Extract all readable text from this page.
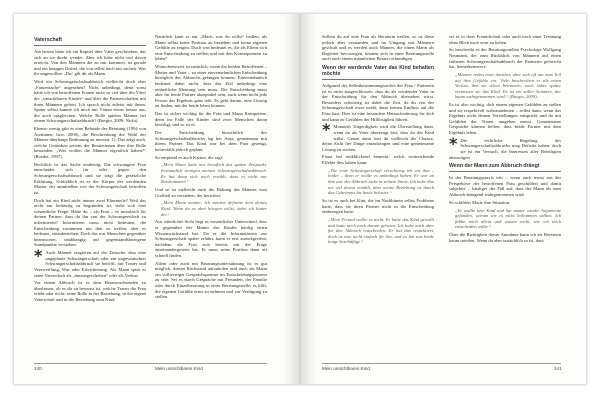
Vaterschaft

Am besten hätte ich ein Kapitel über Väter geschrieben, das sich an sie direkt wendet. Aber ich habe nicht viel davon erreicht. Von den Männern die zu mir kommen, ist gerade mal ein knappes Drittel, die von selbst nach mir suchen. Was ihr ungewolltes „Du“ gilt dir als Mann.

Wird ein Schwangerschaftsabbruch vielleicht doch eher „Frauensache“ angesehen? Nicht unbedingt, denn sonst hätte ich von betroffenen Frauen nicht so viel über die Väter der „unsichtbaren Kinder“ und über die Partnerschaften mit ihren Männern gehört. Ich sprach nicht zuletzt mit ihnen. Später selbst kannte ich mich mit Vätern etwas besser aus, die auch ausgleichen. Welche Rolle spielen Männer bei einem Schwangerschaftsabbruch? (Burgin, 2009: Nicht).

Ebenso wenig gibt es eine Befunde der Beratung (1994 von Ärztinnen, bzw. 2006), die Beschreibung der Wahl der Männer überhaupt Bedeutung zu messen: 1). Das zeigt auch, welche Gedanken seitens der Beraterinnen über ihre Rolle bestanden. „Was wollen die Männer eigentlich haben?“ (Roeder, 1997).

Rechtlich ist das Sache eindeutig: Die schwangere Frau entscheidet sich für oder gegen den Schwangerschaftsabbruch und sie trägt die gesetzliche Erklärung. Schließlich ist es der Körper der werdenden Mutter, der unmittelbar von der Schwangerschaft betroffen ist.

Doch hat ein Kind nicht immer zwei Elternteile? Weil das nicht nur beiläufig zu begründen ist, steht sich eine wesentliche Frage: Hätte du – als Frau – es moralisch für deinen Partner, dass du ihn von der Schwangerschaft zu informieren? Informieren muss nicht bedeuten, die Entscheidung zusammen mit ihm zu treffen, aber es bedeutet, einzubeziehen. Doch das war Menschen gegenüber beantwortet, unabhängig auf gegenstandsbezogene Standpunkte verstehen.

* Auch Männer reagieren auf die Tatsache, dass eine ungeplante Schwangerschaft oder ein ungewünschter Schwangerschaftsabbruch sie betrifft, mit Trauer und Verzweiflung, Wut oder Erleichterung. Als Mann spürt er seine Vaterschaft als „hinausgeschoben“ oder als Verlust.

Vor einem Abbruch ist es dem Heranwachsenden zu überlassen, ob es dir zu bewusst ist, welche Trauer die Frau erlebt oder nicht; seine Rolle in der Beziehung, in die eigene Vaterschaft und in die Beziehung zum Kind.

Natürlich kann es nur „Mach, was du willst“ heißen, als Mann selbst keine Position zu beziehen und keine eigenen Gefühle zu zeigen. Doch was bedeutet es, dir als Eltern sich eine Entscheidung zu treffen und mit den Konsequenzen zu leben?

Wünschenswert ist natürlich, wenn die beiden Betroffenen – Mutter und Vater – zu einer einvernehmlichen Entscheidung bezüglich des Abbruchs gelangen können. Einvernehmlich bedeutet dabei nicht, dass das Ziel unbedingt eine einheitliche Meinung sein muss. Die Entscheidung muss aber für beide Partner akzeptabel sein, auch wenn nicht jede Person das Ergebnis ganz teilt. Es geht darum, eine Lösung zu finden, mit der beide leben können.

Das ist sicher wichtig für die Frau und Mann Kompetenz, denn im Falle der Kinder sind zwei Menschen daran beteiligt, und so ist es.

Die Entscheidung hinsichtlich des Schwangerschaftsabbruchs lag bei Anja, gemeinsam mit ihrem Partner. Das Kind war bei dem Paar gezeugt, keinesfalls jedoch geplant.

So empfand es auch Karina, die sagt:

„Mein Mann hatte nur beruflich das späten Zeitpunkt. Erstaunlich wenigen meinen Schwangerschaftsabbruch. Er hat dann sich noch erzählt, dass es nicht nur Reinkommen!“

Und so ist vielleicht auch die Haltung des Mannes vom Großteil zu verstehen, der berichtet:

„Mein Mann meinte: Ich möchte definitiv kein drittes Kind. Wenn du es aber kriegen willst, stehe ich hinter dir.“

Aus väterlicher Sicht liegt es wesentlicher Unterschied, dass er gegenüber der Mutter des Kindes häufig einen Wissensrückstand hat. Da er die Informationen zur Schwangerschaft später erfährt, kann er erst zurückgreifen, nachdem die Frau sich bereits mit der Frage auseinandergesetzt hat. Er muss seine Position dann oft schnell finden.

Allein oder auch mit Beratungsunterstützung ist es gut möglich, diesen Rückstand aufzuholen und auch als Mann ein vollwertiger Gesprächspartner im Entscheidungsprozess zu sein. Sei es durch Gespräche mit Freunden, der Familie oder durch Einzelberatung in einer Beratungsstelle, es hilft, die eigenen Gefühle ernst zu nehmen und zur Verfügung zu stellen.

140	Mein unsichtbares Kind

Sollten du auf eine Frau als Beraterin treffen, so ist diese jedoch aber verstanden und im Umgang mit Männern geschult und es werden auch Männer, die einen Mann als Begleiter bevorzugen, können sich in einer Beratungsstelle auch nach einem männlichen Berater erkundigen.

Wenn der werdende Vater das Kind behalten möchte

Aufgrund der Selbstbestimmungsrechts der Frau / Partnerin ist es nicht ausgeschlossen, dass du als werdender Vater in der Entscheidung für den Abbruch übersehen wirst. Besonders schwierig ist dabei die Zeit, da du von der Schwangerschaft zwar weißt, dann keinen Einfluss auf die Frau hast. Dies ist eine besondere Herausforderung für dich und kann zu Gefühlen der Hilflosigkeit führen.

* Monatish Trägerdigkeit wird die Überstellung dann, wenn du als Vater überzeugt bist, dass du das Kind willst. Genau dann hast du vielleicht die Chance, deine Sicht der Dinge einzubringen und eine gemeinsame Lösung zu suchen.

Fiona hat rückblickend bemerkt, welch weitreichende Effekte dies haben kann:

„Die erste Schwangerschaft verschwieg ich vor ihm – leider – denn er wollte es unbedingt haben. Er war an ihm war der Abbruch nicht in seinem Sinne. Ich habe ihm nie viel davon erzählt, aber meine Beziehung ist durch das Geheimnis bis heute belastet.“

So ist es auch bei Kim, die im Nachhinein selbst Probleme hatte, dass sie ihren Partner nicht in die Entscheidung einbezogen hatte:

„Mein Freund wollte es nicht. Er hätte das Kind gewollt und hatte mich auch darum gebeten. Ich habe mich aber für den Abbruch entschieden. Er hat das respektiert, doch es war nicht einfach für ihn, und es hat uns beide lange beschäftigt.“

sei es in ihrer Freundschaft oder auch nach einer Trennung ohne Blick nach vorn zu halten.

So beschreibt es der Beratungsstellen Psychologe Wolfgang Neumann, der zum Rückblick von Männern auf einen früheren Schwangerschaftsabbruch der Partnerin geforscht hat. bemerkenswert:

„Männer reden zwar darüber, aber sich oft nur zum Teil auf ihre Gefühle ein. Viele beschreiben es als einen Verlust, den sie selten betrauern, noch Jahre später vermissen sie das Kind. Es ist ein stiller Schmerz, der kaum wahrgenommen wird.“ (Burgin, 2009).

Es ist also wichtig, dich einem eigenen Gefühlen zu stellen und sie respektvoll wahrzunehmen – selbst dann, wenn das Ergebnis nicht deinen Vorstellungen entspricht und du mit Gefühlen der Trauer umgehen musst. Gemeinsame Gespräche können helfen, dass beide Partner mit dem Ergebnis leben.

* Die rechtliche Regelung des Schwangerschaftsabbruchs mag Defizite haben, doch sie ist ein Versuch, die Interessen aller Beteiligten abzuwägen.

Wenn der Mann zum Abbruch drängt

In der Beratungspraxis tritt – wenn auch meist aus der Perspektive der betroffenen Frau geschildert und damit subjektiv – häufiger der Fall auf, dass der Mann als zum Abbruch drängend wahrgenommen wird.

So schildert Marie ihre Situation:

„Er wollte kein Kind und hat immer wieder Argumente gefunden, warum wir es nicht bekommen sollten. Ich fühlte mich allein und wusste nicht, wie ich mich entscheiden sollte.“

Über die Richtigkeit dieser Annahme kann ich als Beraterin kaum urteilen. Wenn du aber tatsächlich so ist, dass

Mein unsichtbares Kind	141
